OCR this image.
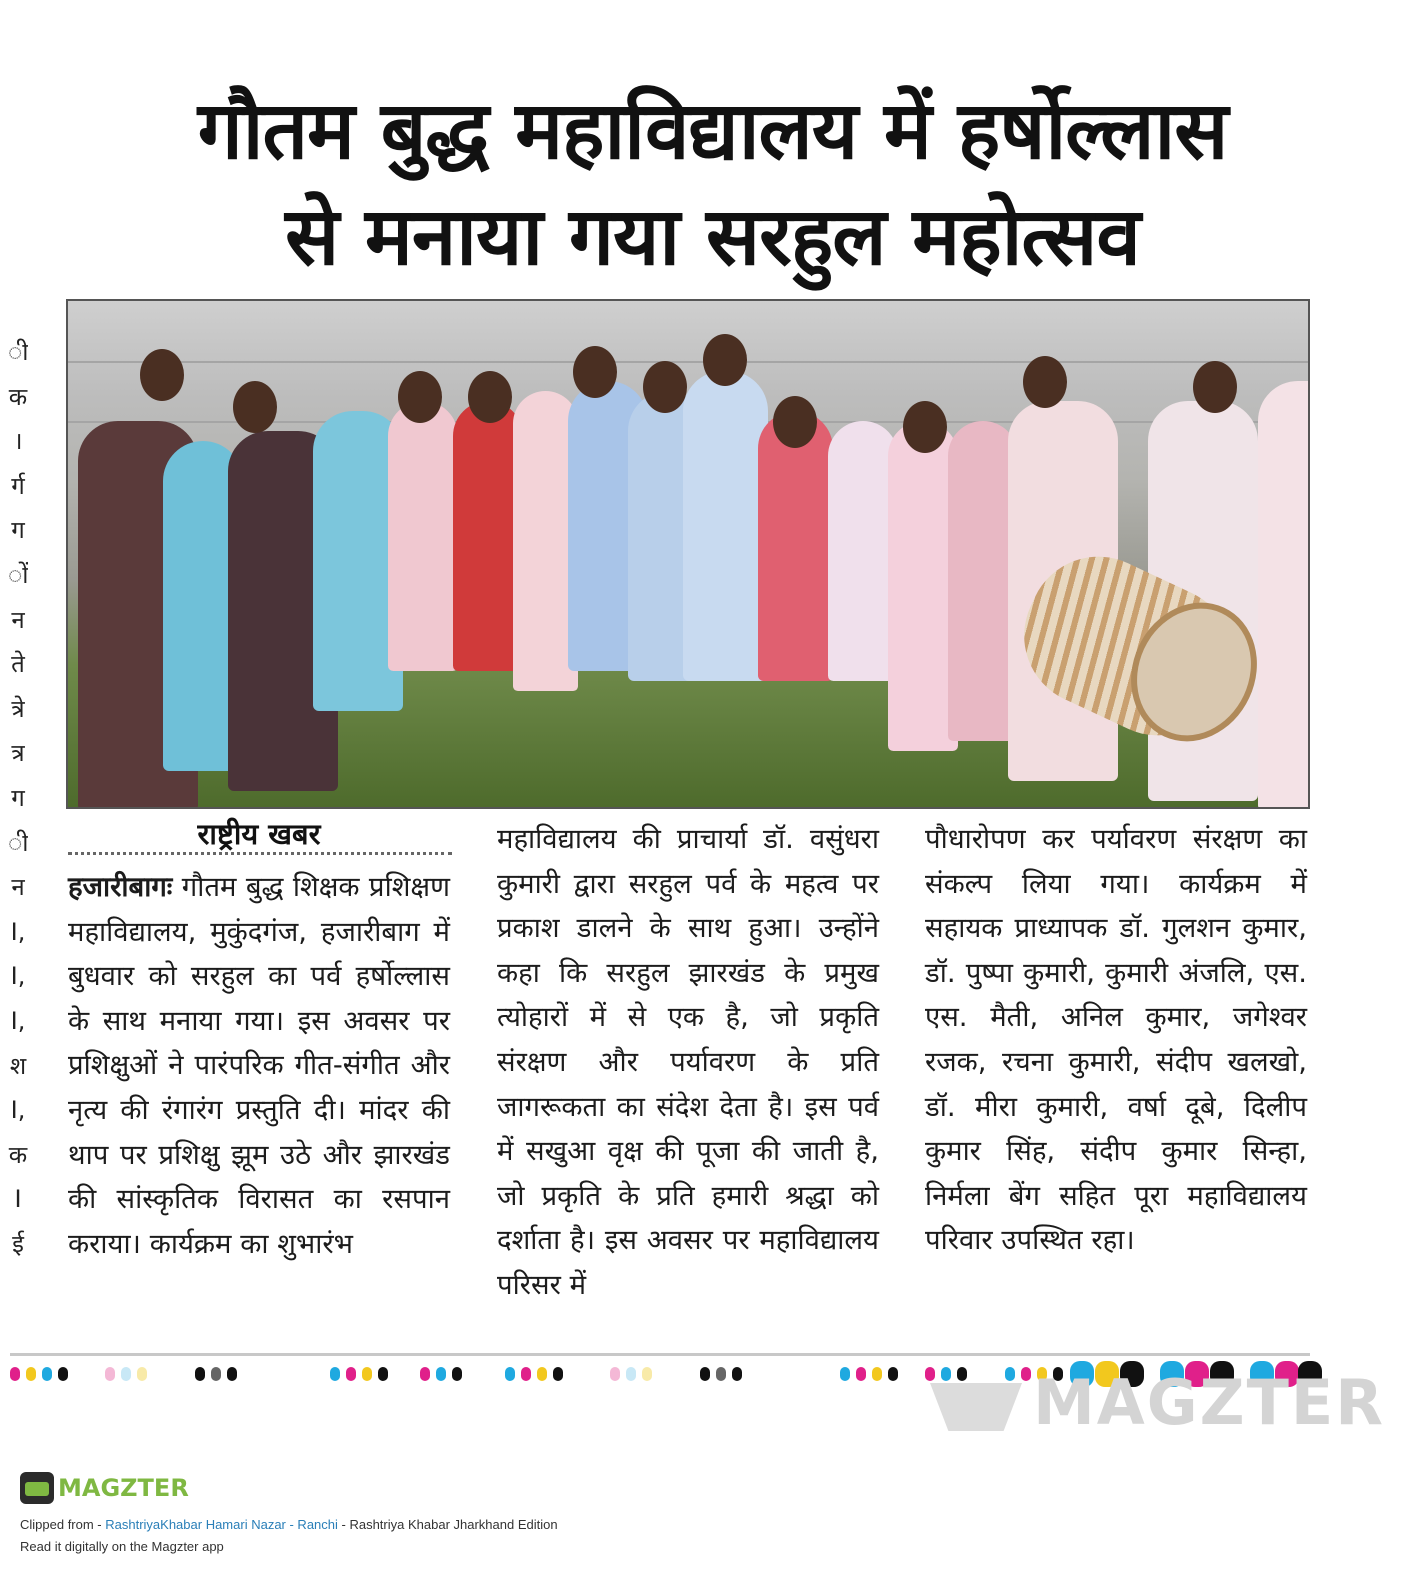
गौतम बुद्ध महाविद्यालय में हर्षोल्लास
से मनाया गया सरहुल महोत्सव
ी
क
।
र्ग
ग
ों
न
ते
त्रे
त्र
ग
ी
न
I,
I,
I,
श
I,
क
I
ई
राष्ट्रीय खबर

हजारीबागः गौतम बुद्ध शिक्षक प्रशिक्षण महाविद्यालय, मुकुंदगंज, हजारीबाग में बुधवार को सरहुल का पर्व हर्षोल्लास के साथ मनाया गया। इस अवसर पर प्रशिक्षुओं ने पारंपरिक गीत-संगीत और नृत्य की रंगारंग प्रस्तुति दी। मांदर की थाप पर प्रशिक्षु झूम उठे और झारखंड की सांस्कृतिक विरासत का रसपान कराया। कार्यक्रम का शुभारंभ

महाविद्यालय की प्राचार्या डॉ. वसुंधरा कुमारी द्वारा सरहुल पर्व के महत्व पर प्रकाश डालने के साथ हुआ। उन्होंने कहा कि सरहुल झारखंड के प्रमुख त्योहारों में से एक है, जो प्रकृति संरक्षण और पर्यावरण के प्रति जागरूकता का संदेश देता है। इस पर्व में सखुआ वृक्ष की पूजा की जाती है, जो प्रकृति के प्रति हमारी श्रद्धा को दर्शाता है। इस अवसर पर महाविद्यालय परिसर में

पौधारोपण कर पर्यावरण संरक्षण का संकल्प लिया गया। कार्यक्रम में सहायक प्राध्यापक डॉ. गुलशन कुमार, डॉ. पुष्पा कुमारी, कुमारी अंजलि, एस. एस. मैती, अनिल कुमार, जगेश्वर रजक, रचना कुमारी, संदीप खलखो, डॉ. मीरा कुमारी, वर्षा दूबे, दिलीप कुमार सिंह, संदीप कुमार सिन्हा, निर्मला बेंग सहित पूरा महाविद्यालय परिवार उपस्थित रहा।

MAGZTER
MAGZTER
Clipped from - RashtriyaKhabar Hamari Nazar - Ranchi - Rashtriya Khabar Jharkhand Edition
Read it digitally on the Magzter app
